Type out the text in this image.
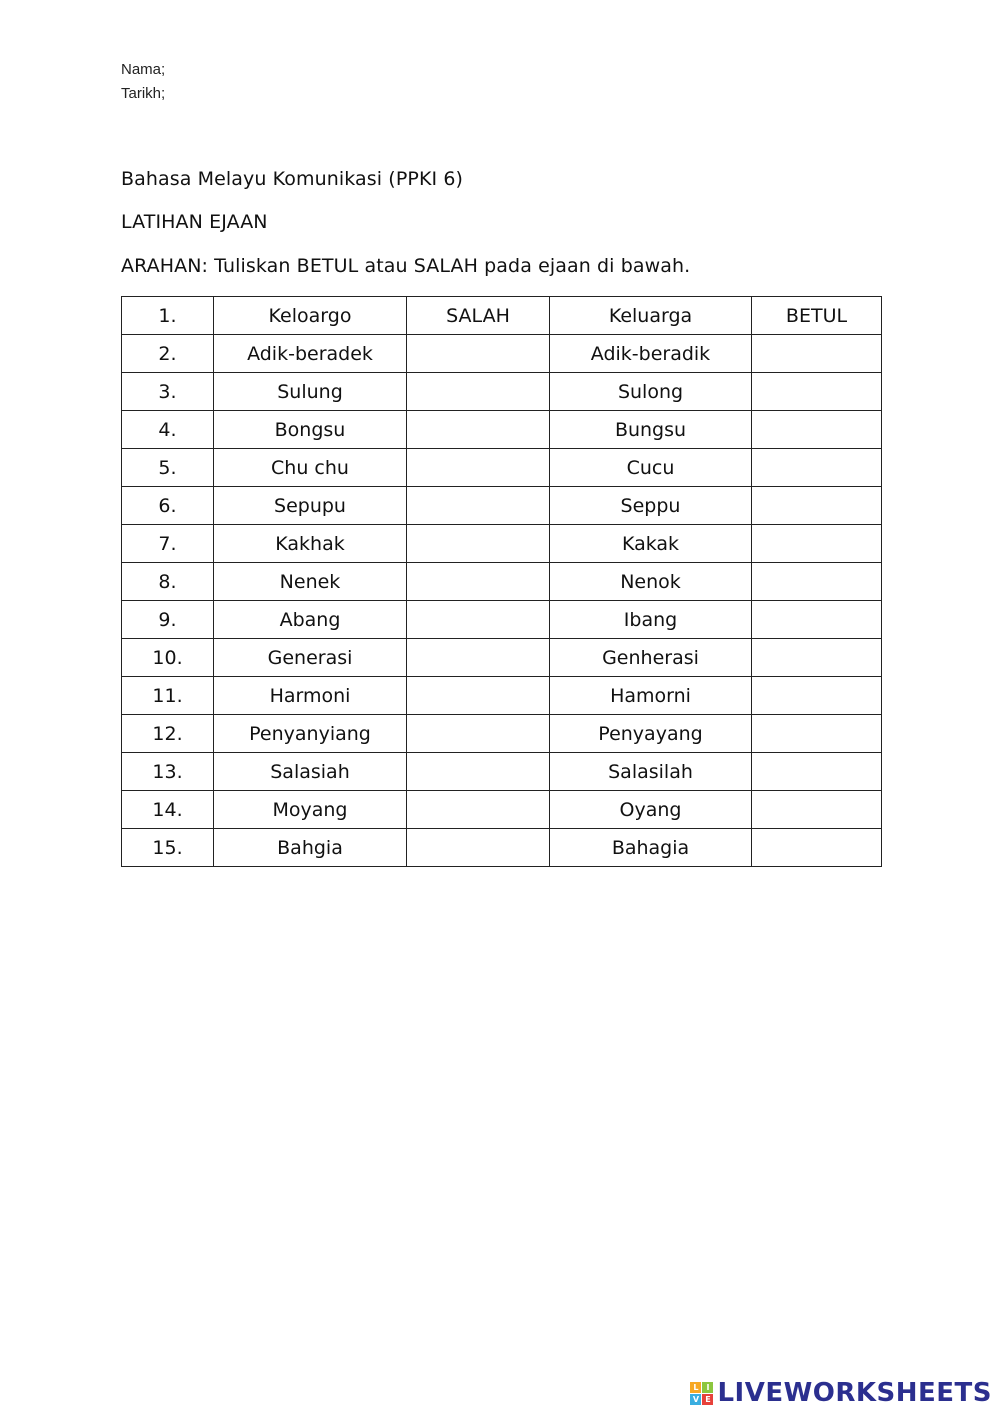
Nama;
Tarikh;
Bahasa Melayu Komunikasi (PPKI 6)
LATIHAN EJAAN
ARAHAN: Tuliskan BETUL atau SALAH pada ejaan di bawah.
1.	Keloargo	SALAH	Keluarga	BETUL
2.	Adik-beradek		Adik-beradik	
3.	Sulung		Sulong	
4.	Bongsu		Bungsu	
5.	Chu chu		Cucu	
6.	Sepupu		Seppu	
7.	Kakhak		Kakak	
8.	Nenek		Nenok	
9.	Abang		Ibang	
10.	Generasi		Genherasi	
11.	Harmoni		Hamorni	
12.	Penyanyiang		Penyayang	
13.	Salasiah		Salasilah	
14.	Moyang		Oyang	
15.	Bahgia		Bahagia	
L I
V E LIVEWORKSHEETS
